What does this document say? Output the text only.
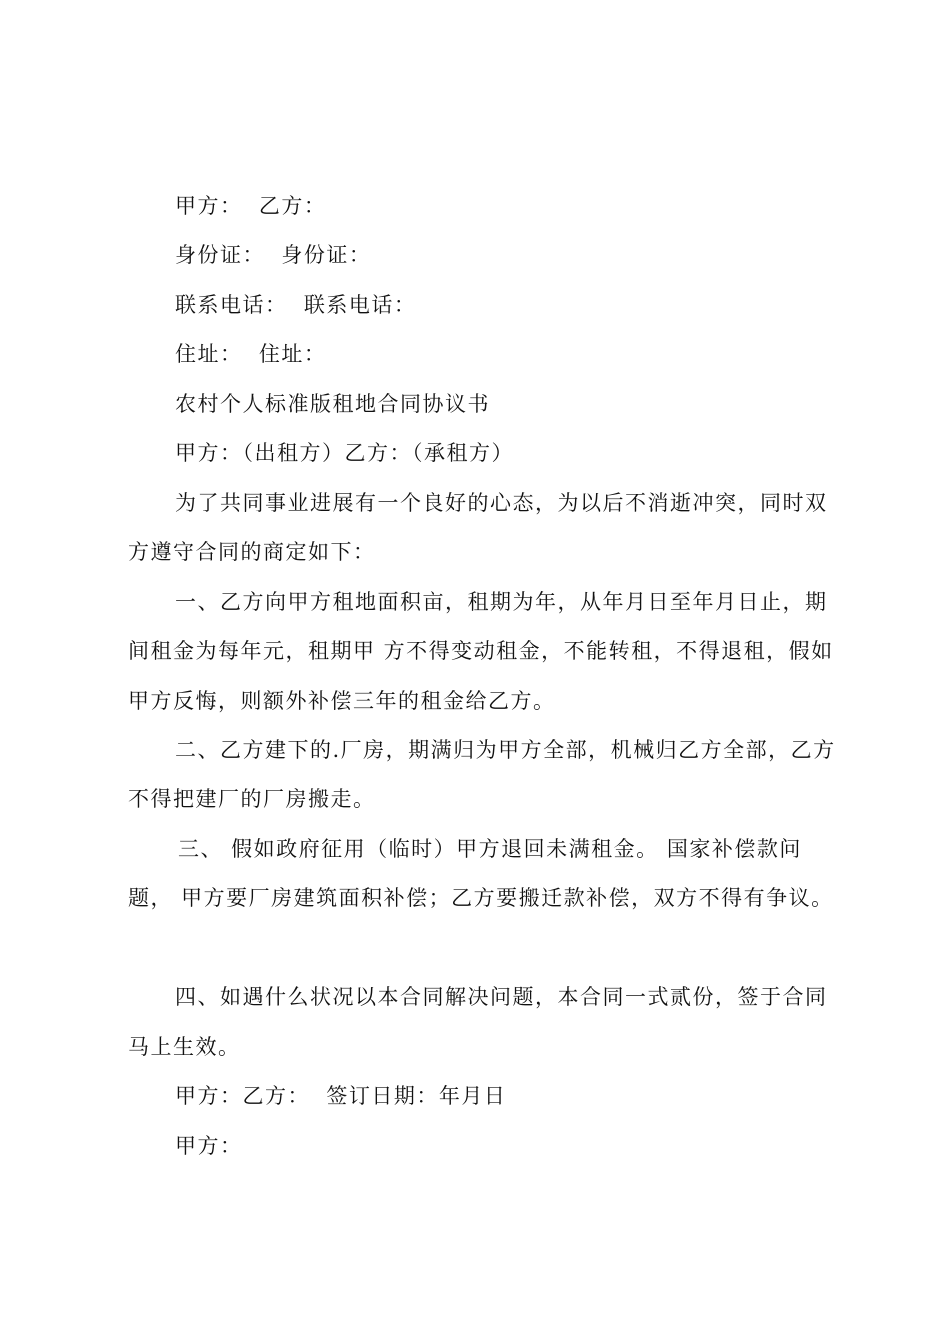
甲方：  乙方：
身份证：  身份证：
联系电话：  联系电话：
住址：  住址：
农村个人标准版租地合同协议书
甲方：（出租方）乙方：（承租方）
为了共同事业进展有一个良好的心态，为以后不消逝冲突，同时双
方遵守合同的商定如下：
一、乙方向甲方租地面积亩，租期为年，从年月日至年月日止，期
间租金为每年元，租期甲 方不得变动租金，不能转租，不得退租，假如
甲方反悔，则额外补偿三年的租金给乙方。
二、乙方建下的.厂房，期满归为甲方全部，机械归乙方全部，乙方
不得把建厂的厂房搬走。
三、 假如政府征用（临时）甲方退回未满租金。 国家补偿款问
题， 甲方要厂房建筑面积补偿；乙方要搬迁款补偿，双方不得有争议。
四、如遇什么状况以本合同解决问题，本合同一式贰份，签于合同
马上生效。
甲方：乙方：  签订日期：年月日
甲方：
